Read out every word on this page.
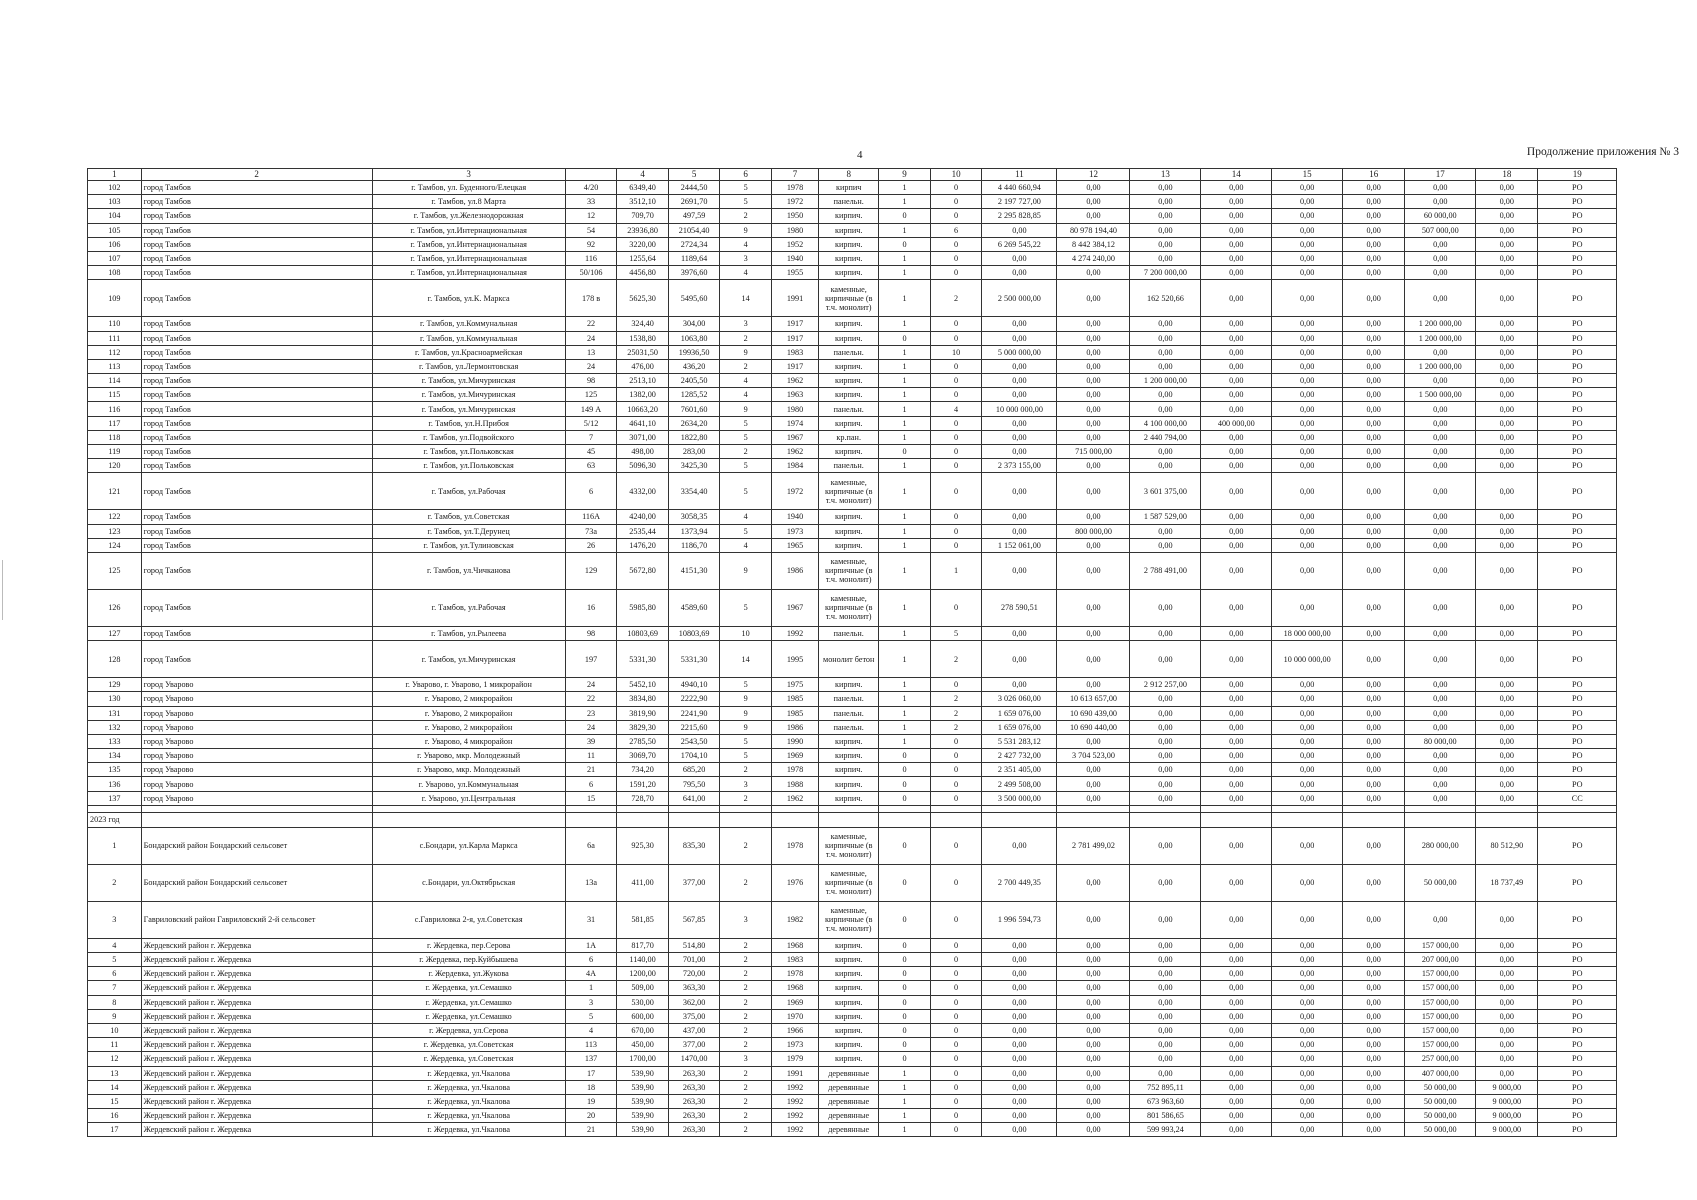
4	Продолжение приложения № 3
1	2	3		4	5	6	7	8	9	10	11	12	13	14	15	16	17	18	19
102	город Тамбов	г. Тамбов, ул. Буденного/Елецкая	4/20	6349,40	2444,50	5	1978	кирпич	1	0	4 440 660,94	0,00	0,00	0,00	0,00	0,00	0,00	0,00	РО
103	город Тамбов	г. Тамбов, ул.8 Марта	33	3512,10	2691,70	5	1972	панельн.	1	0	2 197 727,00	0,00	0,00	0,00	0,00	0,00	0,00	0,00	РО
104	город Тамбов	г. Тамбов, ул.Железнодорожная	12	709,70	497,59	2	1950	кирпич.	0	0	2 295 828,85	0,00	0,00	0,00	0,00	0,00	60 000,00	0,00	РО
105	город Тамбов	г. Тамбов, ул.Интернациональная	54	23936,80	21054,40	9	1980	кирпич.	1	6	0,00	80 978 194,40	0,00	0,00	0,00	0,00	507 000,00	0,00	РО
106	город Тамбов	г. Тамбов, ул.Интернациональная	92	3220,00	2724,34	4	1952	кирпич.	0	0	6 269 545,22	8 442 384,12	0,00	0,00	0,00	0,00	0,00	0,00	РО
107	город Тамбов	г. Тамбов, ул.Интернациональная	116	1255,64	1189,64	3	1940	кирпич.	1	0	0,00	4 274 240,00	0,00	0,00	0,00	0,00	0,00	0,00	РО
108	город Тамбов	г. Тамбов, ул.Интернациональная	50/106	4456,80	3976,60	4	1955	кирпич.	1	0	0,00	0,00	7 200 000,00	0,00	0,00	0,00	0,00	0,00	РО
109	город Тамбов	г. Тамбов, ул.К. Маркса	178 в	5625,30	5495,60	14	1991	каменные, кирпичные (в т.ч. монолит)	1	2	2 500 000,00	0,00	162 520,66	0,00	0,00	0,00	0,00	0,00	РО
110	город Тамбов	г. Тамбов, ул.Коммунальная	22	324,40	304,00	3	1917	кирпич.	1	0	0,00	0,00	0,00	0,00	0,00	0,00	1 200 000,00	0,00	РО
111	город Тамбов	г. Тамбов, ул.Коммунальная	24	1538,80	1063,80	2	1917	кирпич.	0	0	0,00	0,00	0,00	0,00	0,00	0,00	1 200 000,00	0,00	РО
112	город Тамбов	г. Тамбов, ул.Красноармейская	13	25031,50	19936,50	9	1983	панельн.	1	10	5 000 000,00	0,00	0,00	0,00	0,00	0,00	0,00	0,00	РО
113	город Тамбов	г. Тамбов, ул.Лермонтовская	24	476,00	436,20	2	1917	кирпич.	1	0	0,00	0,00	0,00	0,00	0,00	0,00	1 200 000,00	0,00	РО
114	город Тамбов	г. Тамбов, ул.Мичуринская	98	2513,10	2405,50	4	1962	кирпич.	1	0	0,00	0,00	1 200 000,00	0,00	0,00	0,00	0,00	0,00	РО
115	город Тамбов	г. Тамбов, ул.Мичуринская	125	1382,00	1285,52	4	1963	кирпич.	1	0	0,00	0,00	0,00	0,00	0,00	0,00	1 500 000,00	0,00	РО
116	город Тамбов	г. Тамбов, ул.Мичуринская	149 А	10663,20	7601,60	9	1980	панельн.	1	4	10 000 000,00	0,00	0,00	0,00	0,00	0,00	0,00	0,00	РО
117	город Тамбов	г. Тамбов, ул.Н.Прибоя	5/12	4641,10	2634,20	5	1974	кирпич.	1	0	0,00	0,00	4 100 000,00	400 000,00	0,00	0,00	0,00	0,00	РО
118	город Тамбов	г. Тамбов, ул.Подвойского	7	3071,00	1822,80	5	1967	кр.пан.	1	0	0,00	0,00	2 440 794,00	0,00	0,00	0,00	0,00	0,00	РО
119	город Тамбов	г. Тамбов, ул.Польковская	45	498,00	283,00	2	1962	кирпич.	0	0	0,00	715 000,00	0,00	0,00	0,00	0,00	0,00	0,00	РО
120	город Тамбов	г. Тамбов, ул.Польковская	63	5096,30	3425,30	5	1984	панельн.	1	0	2 373 155,00	0,00	0,00	0,00	0,00	0,00	0,00	0,00	РО
121	город Тамбов	г. Тамбов, ул.Рабочая	6	4332,00	3354,40	5	1972	каменные, кирпичные (в т.ч. монолит)	1	0	0,00	0,00	3 601 375,00	0,00	0,00	0,00	0,00	0,00	РО
122	город Тамбов	г. Тамбов, ул.Советская	116А	4240,00	3058,35	4	1940	кирпич.	1	0	0,00	0,00	1 587 529,00	0,00	0,00	0,00	0,00	0,00	РО
123	город Тамбов	г. Тамбов, ул.Т.Дерунец	73а	2535,44	1373,94	5	1973	кирпич.	1	0	0,00	800 000,00	0,00	0,00	0,00	0,00	0,00	0,00	РО
124	город Тамбов	г. Тамбов, ул.Тулиновская	26	1476,20	1186,70	4	1965	кирпич.	1	0	1 152 061,00	0,00	0,00	0,00	0,00	0,00	0,00	0,00	РО
125	город Тамбов	г. Тамбов, ул.Чичканова	129	5672,80	4151,30	9	1986	каменные, кирпичные (в т.ч. монолит)	1	1	0,00	0,00	2 788 491,00	0,00	0,00	0,00	0,00	0,00	РО
126	город Тамбов	г. Тамбов, ул.Рабочая	16	5985,80	4589,60	5	1967	каменные, кирпичные (в т.ч. монолит)	1	0	278 590,51	0,00	0,00	0,00	0,00	0,00	0,00	0,00	РО
127	город Тамбов	г. Тамбов, ул.Рылеева	98	10803,69	10803,69	10	1992	панельн.	1	5	0,00	0,00	0,00	0,00	18 000 000,00	0,00	0,00	0,00	РО
128	город Тамбов	г. Тамбов, ул.Мичуринская	197	5331,30	5331,30	14	1995	монолит бетон	1	2	0,00	0,00	0,00	0,00	10 000 000,00	0,00	0,00	0,00	РО
129	город Уварово	г. Уварово, г. Уварово, 1 микрорайон	24	5452,10	4940,10	5	1975	кирпич.	1	0	0,00	0,00	2 912 257,00	0,00	0,00	0,00	0,00	0,00	РО
130	город Уварово	г. Уварово, 2 микрорайон	22	3834,80	2222,90	9	1985	панельн.	1	2	3 026 060,00	10 613 657,00	0,00	0,00	0,00	0,00	0,00	0,00	РО
131	город Уварово	г. Уварово, 2 микрорайон	23	3819,90	2241,90	9	1985	панельн.	1	2	1 659 076,00	10 690 439,00	0,00	0,00	0,00	0,00	0,00	0,00	РО
132	город Уварово	г. Уварово, 2 микрорайон	24	3829,30	2215,60	9	1986	панельн.	1	2	1 659 076,00	10 690 440,00	0,00	0,00	0,00	0,00	0,00	0,00	РО
133	город Уварово	г. Уварово, 4 микрорайон	39	2785,50	2543,50	5	1990	кирпич.	1	0	5 531 283,12	0,00	0,00	0,00	0,00	0,00	80 000,00	0,00	РО
134	город Уварово	г. Уварово, мкр. Молодежный	11	3069,70	1704,10	5	1969	кирпич.	0	0	2 427 732,00	3 704 523,00	0,00	0,00	0,00	0,00	0,00	0,00	РО
135	город Уварово	г. Уварово, мкр. Молодежный	21	734,20	685,20	2	1978	кирпич.	0	0	2 351 405,00	0,00	0,00	0,00	0,00	0,00	0,00	0,00	РО
136	город Уварово	г. Уварово, ул.Коммунальная	6	1591,20	795,50	3	1988	кирпич.	0	0	2 499 508,00	0,00	0,00	0,00	0,00	0,00	0,00	0,00	РО
137	город Уварово	г. Уварово, ул.Центральная	15	728,70	641,00	2	1962	кирпич.	0	0	3 500 000,00	0,00	0,00	0,00	0,00	0,00	0,00	0,00	СС

2023 год																			
1	Бондарский район Бондарский сельсовет	с.Бондари, ул.Карла Маркса	6а	925,30	835,30	2	1978	каменные, кирпичные (в т.ч. монолит)	0	0	0,00	2 781 499,02	0,00	0,00	0,00	0,00	280 000,00	80 512,90	РО
2	Бондарский район Бондарский сельсовет	с.Бондари, ул.Октябрьская	13а	411,00	377,00	2	1976	каменные, кирпичные (в т.ч. монолит)	0	0	2 700 449,35	0,00	0,00	0,00	0,00	0,00	50 000,00	18 737,49	РО
3	Гавриловский район Гавриловский 2-й сельсовет	с.Гавриловка 2-я, ул.Советская	31	581,85	567,85	3	1982	каменные, кирпичные (в т.ч. монолит)	0	0	1 996 594,73	0,00	0,00	0,00	0,00	0,00	0,00	0,00	РО
4	Жердевский район г. Жердевка	г. Жердевка, пер.Серова	1А	817,70	514,80	2	1968	кирпич.	0	0	0,00	0,00	0,00	0,00	0,00	0,00	157 000,00	0,00	РО
5	Жердевский район г. Жердевка	г. Жердевка, пер.Куйбышева	6	1140,00	701,00	2	1983	кирпич.	0	0	0,00	0,00	0,00	0,00	0,00	0,00	207 000,00	0,00	РО
6	Жердевский район г. Жердевка	г. Жердевка, ул.Жукова	4А	1200,00	720,00	2	1978	кирпич.	0	0	0,00	0,00	0,00	0,00	0,00	0,00	157 000,00	0,00	РО
7	Жердевский район г. Жердевка	г. Жердевка, ул.Семашко	1	509,00	363,30	2	1968	кирпич.	0	0	0,00	0,00	0,00	0,00	0,00	0,00	157 000,00	0,00	РО
8	Жердевский район г. Жердевка	г. Жердевка, ул.Семашко	3	530,00	362,00	2	1969	кирпич.	0	0	0,00	0,00	0,00	0,00	0,00	0,00	157 000,00	0,00	РО
9	Жердевский район г. Жердевка	г. Жердевка, ул.Семашко	5	600,00	375,00	2	1970	кирпич.	0	0	0,00	0,00	0,00	0,00	0,00	0,00	157 000,00	0,00	РО
10	Жердевский район г. Жердевка	г. Жердевка, ул.Серова	4	670,00	437,00	2	1966	кирпич.	0	0	0,00	0,00	0,00	0,00	0,00	0,00	157 000,00	0,00	РО
11	Жердевский район г. Жердевка	г. Жердевка, ул.Советская	113	450,00	377,00	2	1973	кирпич.	0	0	0,00	0,00	0,00	0,00	0,00	0,00	157 000,00	0,00	РО
12	Жердевский район г. Жердевка	г. Жердевка, ул.Советская	137	1700,00	1470,00	3	1979	кирпич.	0	0	0,00	0,00	0,00	0,00	0,00	0,00	257 000,00	0,00	РО
13	Жердевский район г. Жердевка	г. Жердевка, ул.Чкалова	17	539,90	263,30	2	1991	деревянные	1	0	0,00	0,00	0,00	0,00	0,00	0,00	407 000,00	0,00	РО
14	Жердевский район г. Жердевка	г. Жердевка, ул.Чкалова	18	539,90	263,30	2	1992	деревянные	1	0	0,00	0,00	752 895,11	0,00	0,00	0,00	50 000,00	9 000,00	РО
15	Жердевский район г. Жердевка	г. Жердевка, ул.Чкалова	19	539,90	263,30	2	1992	деревянные	1	0	0,00	0,00	673 963,60	0,00	0,00	0,00	50 000,00	9 000,00	РО
16	Жердевский район г. Жердевка	г. Жердевка, ул.Чкалова	20	539,90	263,30	2	1992	деревянные	1	0	0,00	0,00	801 586,65	0,00	0,00	0,00	50 000,00	9 000,00	РО
17	Жердевский район г. Жердевка	г. Жердевка, ул.Чкалова	21	539,90	263,30	2	1992	деревянные	1	0	0,00	0,00	599 993,24	0,00	0,00	0,00	50 000,00	9 000,00	РО
